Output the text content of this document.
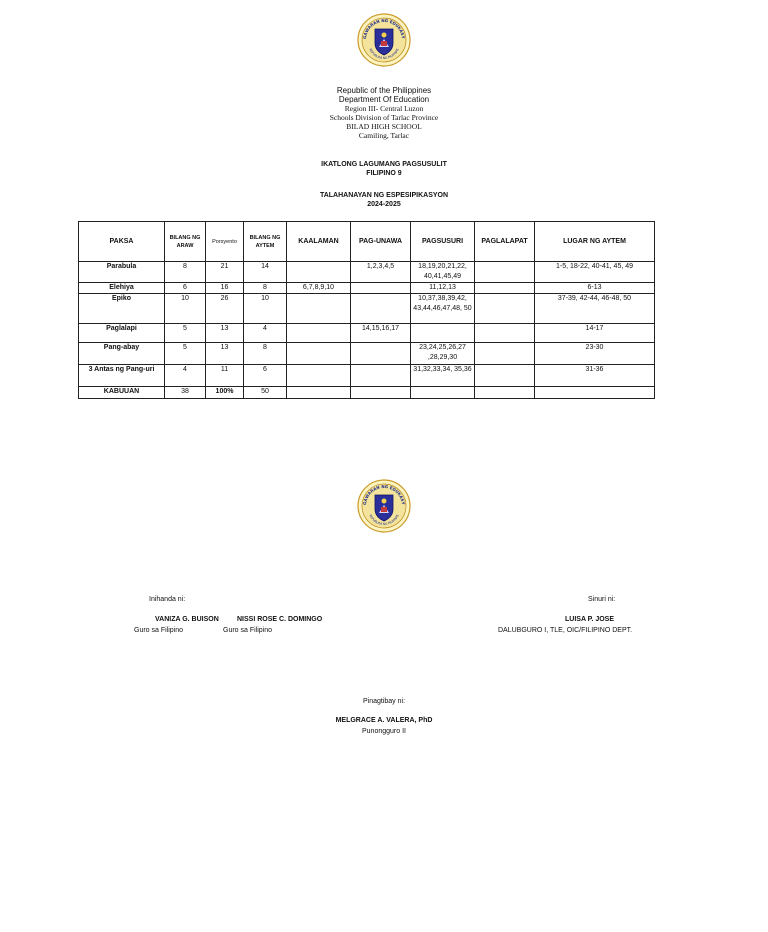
GAWARAN NG EDUKASY
REPUBLIKA NG PILIPINAS
Republic of the Philippines
Department Of Education
Region III- Central Luzon
Schools Division of Tarlac Province
BILAD HIGH SCHOOL
Camiling, Tarlac
IKATLONG LAGUMANG PAGSUSULIT
FILIPINO 9
TALAHANAYAN NG ESPESIPIKASYON
2024-2025
PAKSA	BILANG NG ARAW	Porsyento	BILANG NG AYTEM	KAALAMAN	PAG-UNAWA	PAGSUSURI	PAGLALAPAT	LUGAR NG AYTEM
Parabula	8	21	14		1,2,3,4,5	18,19,20,21,22, 40,41,45,49		1-5, 18-22, 40-41, 45, 49
Elehiya	6	16	8	6,7,8,9,10		11,12,13		6-13
Epiko	10	26	10			10,37,38,39,42, 43,44,46,47,48, 50		37-39, 42-44, 46-48, 50
Paglalapi	5	13	4		14,15,16,17			14-17
Pang-abay	5	13	8			23,24,25,26,27 ,28,29,30		23-30
3 Antas ng Pang-uri	4	11	6			31,32,33,34, 35,36		31-36
KABUUAN	38	100%	50					
GAWARAN NG EDUKASY
REPUBLIKA NG PILIPINAS
Inihanda ni:
VANIZA G. BUISON
Guro sa Filipino
NISSI ROSE C. DOMINGO
Guro sa Filipino
Sinuri ni:
LUISA P. JOSE
DALUBGURO I, TLE, OIC/FILIPINO DEPT.
Pinagtibay ni:
MELGRACE A. VALERA, PhD
Punongguro II
